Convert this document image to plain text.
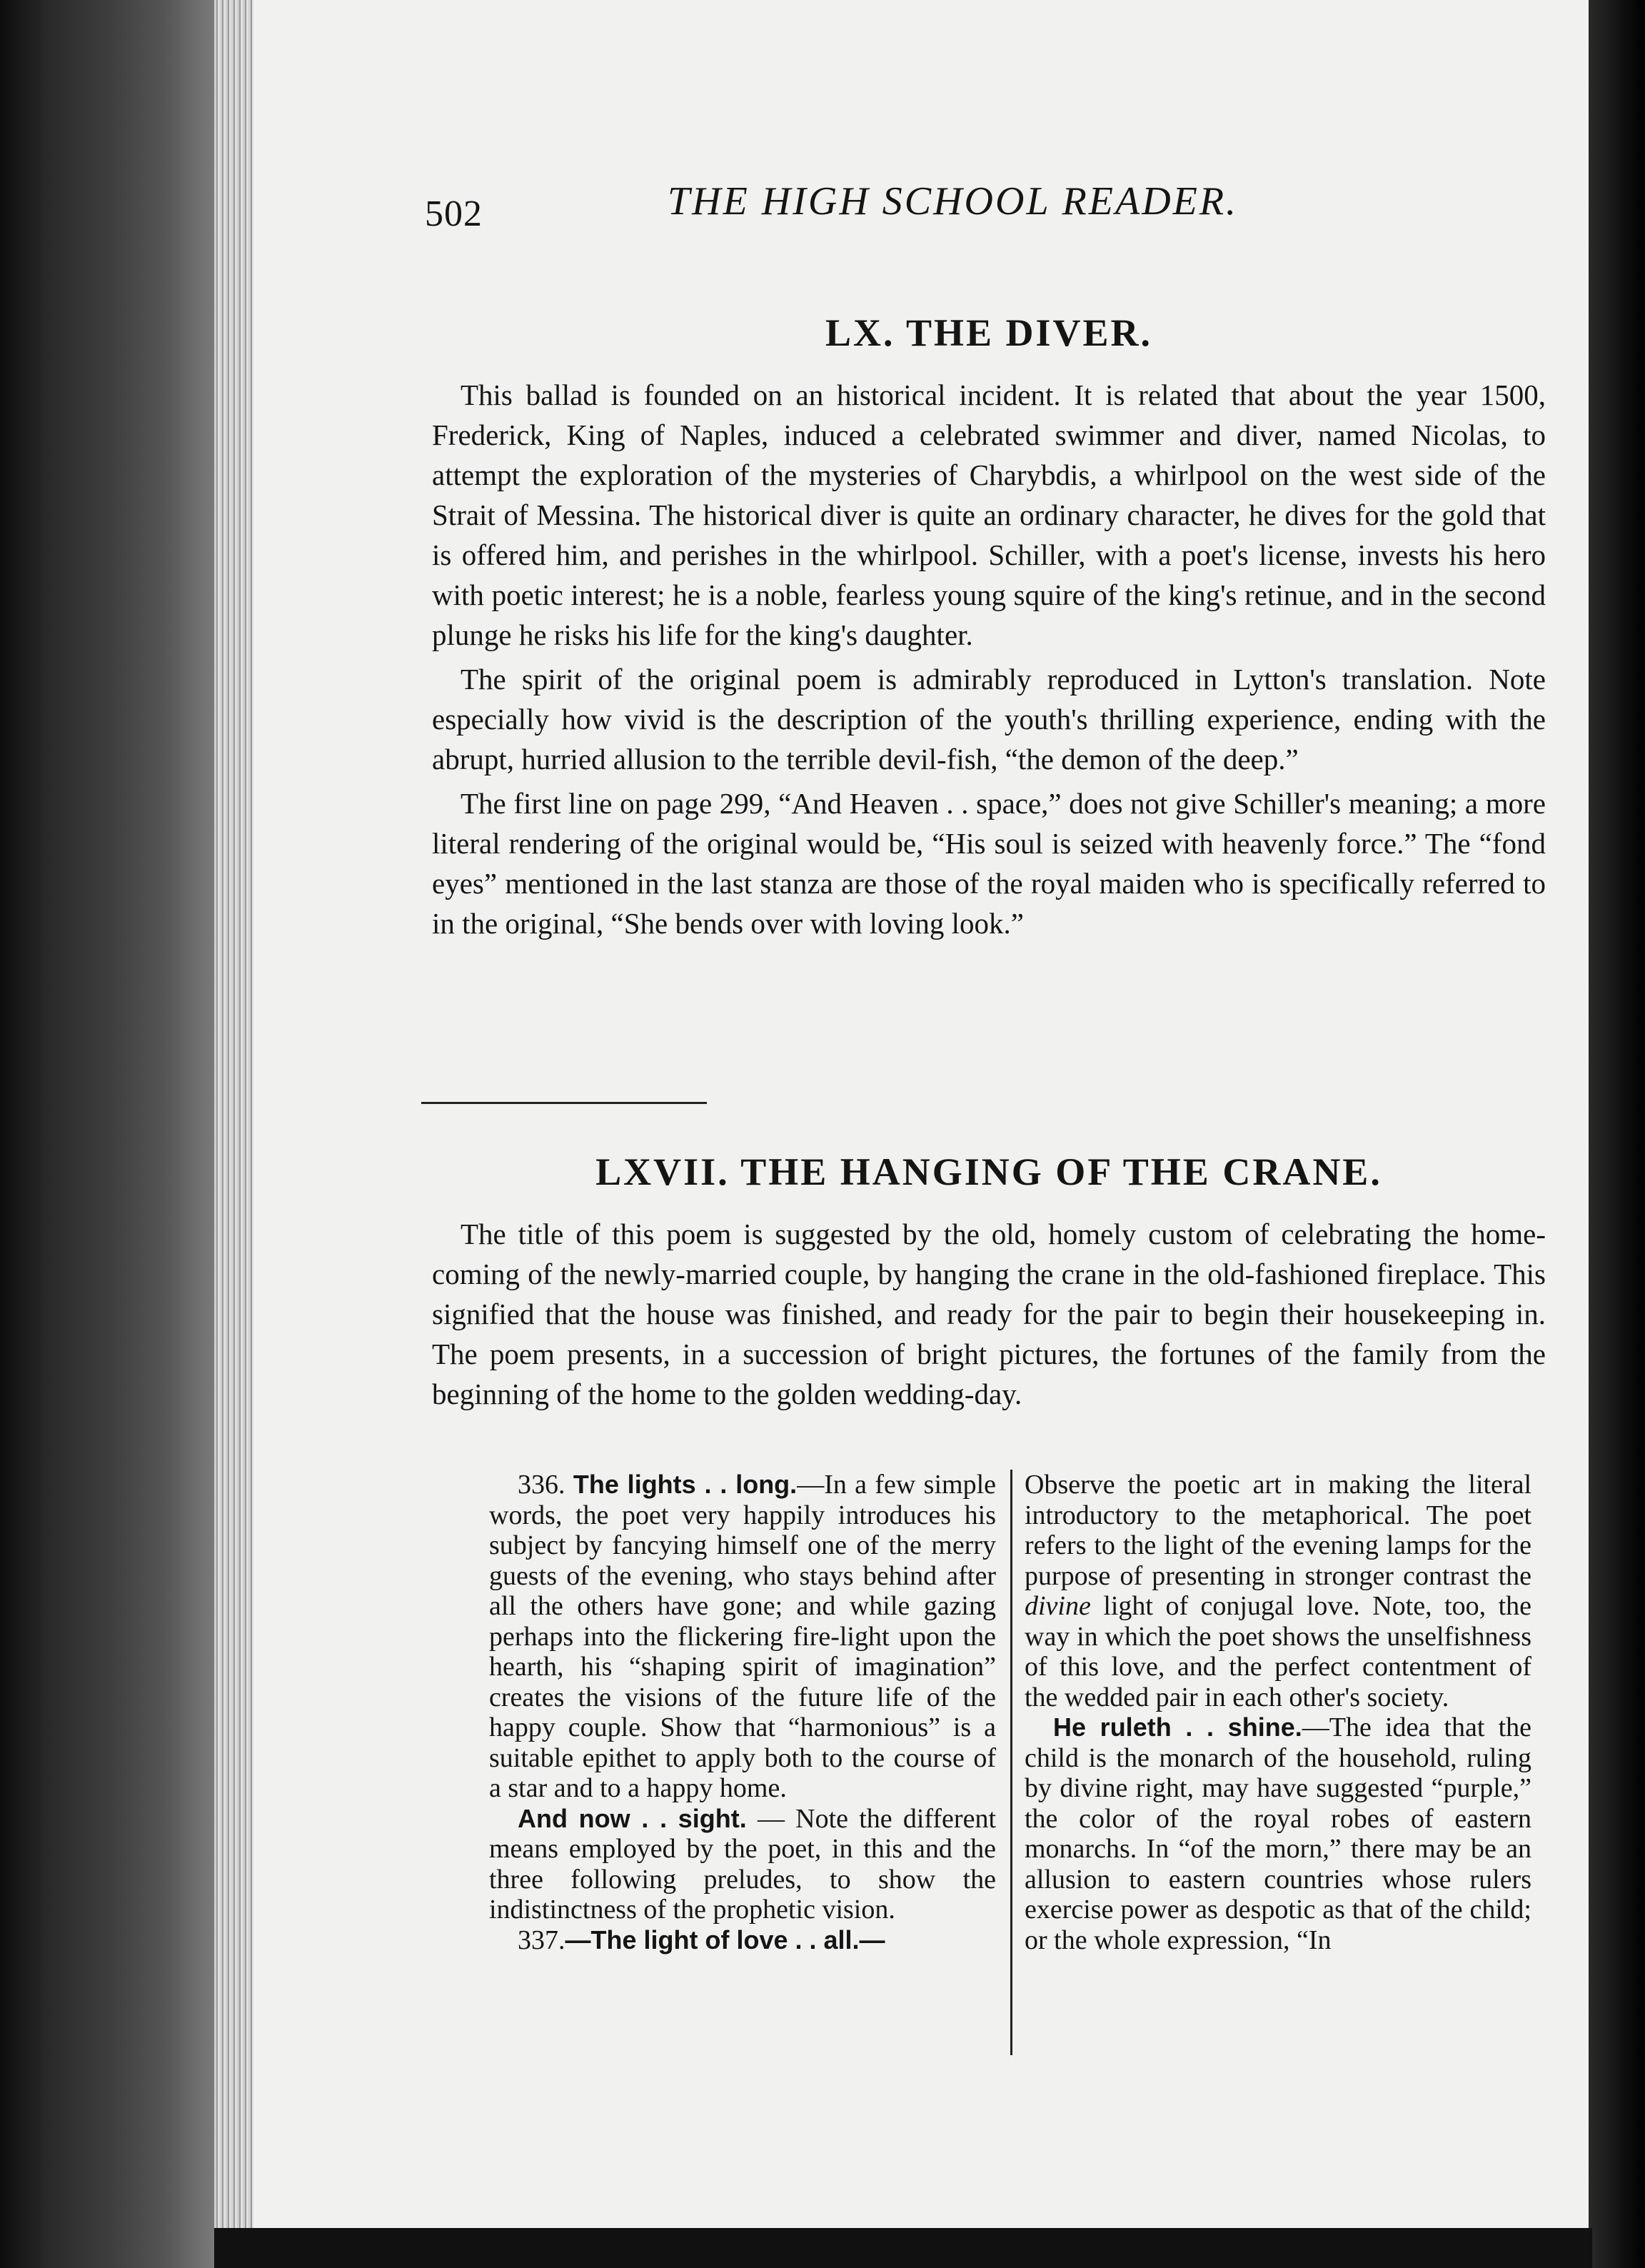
502	THE HIGH SCHOOL READER.
LX. THE DIVER.

This ballad is founded on an historical incident. It is related that about the year 1500, Frederick, King of Naples, induced a celebrated swimmer and diver, named Nicolas, to attempt the exploration of the mysteries of Charybdis, a whirlpool on the west side of the Strait of Messina. The historical diver is quite an ordinary character, he dives for the gold that is offered him, and perishes in the whirlpool. Schiller, with a poet's license, invests his hero with poetic interest; he is a noble, fearless young squire of the king's retinue, and in the second plunge he risks his life for the king's daughter.

The spirit of the original poem is admirably reproduced in Lytton's translation. Note especially how vivid is the description of the youth's thrilling experience, ending with the abrupt, hurried allusion to the terrible devil-fish, “the demon of the deep.”

The first line on page 299, “And Heaven . . space,” does not give Schiller's meaning; a more literal rendering of the original would be, “His soul is seized with heavenly force.” The “fond eyes” mentioned in the last stanza are those of the royal maiden who is specifically referred to in the original, “She bends over with loving look.”

LXVII. THE HANGING OF THE CRANE.

The title of this poem is suggested by the old, homely custom of celebrating the home-coming of the newly-married couple, by hanging the crane in the old-fashioned fireplace. This signified that the house was finished, and ready for the pair to begin their housekeeping in. The poem presents, in a succession of bright pictures, the fortunes of the family from the beginning of the home to the golden wedding-day.

336. The lights . . long.—In a few simple words, the poet very happily introduces his subject by fancying himself one of the merry guests of the evening, who stays behind after all the others have gone; and while gazing perhaps into the flickering fire-light upon the hearth, his “shaping spirit of imagination” creates the visions of the future life of the happy couple. Show that “harmonious” is a suitable epithet to apply both to the course of a star and to a happy home.

And now . . sight. — Note the different means employed by the poet, in this and the three following preludes, to show the indistinctness of the prophetic vision.

337.—The light of love . . all.—

Observe the poetic art in making the literal introductory to the metaphorical. The poet refers to the light of the evening lamps for the purpose of presenting in stronger contrast the divine light of conjugal love. Note, too, the way in which the poet shows the unselfishness of this love, and the perfect contentment of the wedded pair in each other's society.

He ruleth . . shine.—The idea that the child is the monarch of the household, ruling by divine right, may have suggested “purple,” the color of the royal robes of eastern monarchs. In “of the morn,” there may be an allusion to eastern countries whose rulers exercise power as despotic as that of the child; or the whole expression, “In
